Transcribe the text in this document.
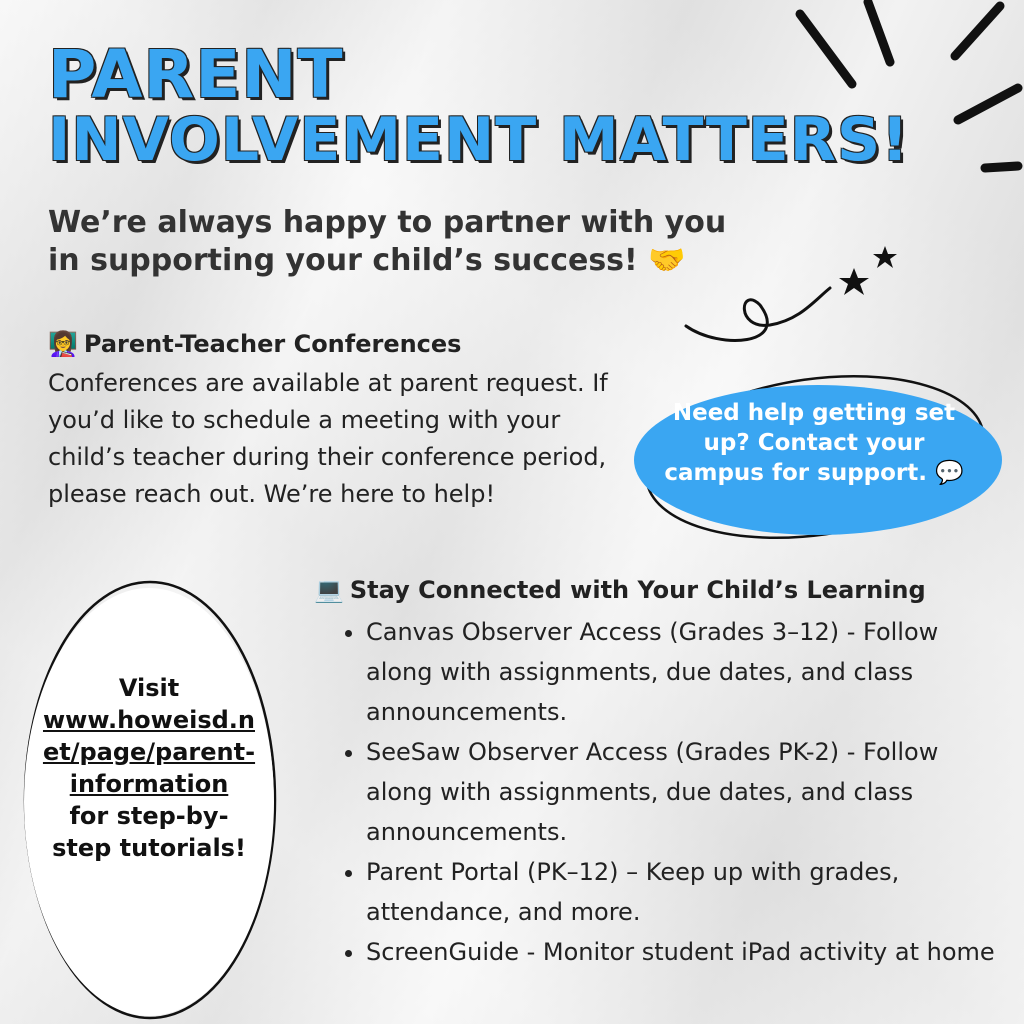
PARENT
INVOLVEMENT MATTERS!
We’re always happy to partner with you in supporting your child’s success! 🤝
👩‍🏫 Parent-Teacher Conferences
Conferences are available at parent request. If you’d like to schedule a meeting with your child’s teacher during their conference period, please reach out. We’re here to help!
Need help getting set up? Contact your campus for support. 💬
💻 Stay Connected with Your Child’s Learning
• Canvas Observer Access (Grades 3–12) - Follow along with assignments, due dates, and class announcements.
• SeeSaw Observer Access (Grades PK-2) - Follow along with assignments, due dates, and class announcements.
• Parent Portal (PK–12) – Keep up with grades, attendance, and more.
• ScreenGuide - Monitor student iPad activity at home
Visit
www.howeisd.net/page/parent-information
for step-by-step tutorials!
